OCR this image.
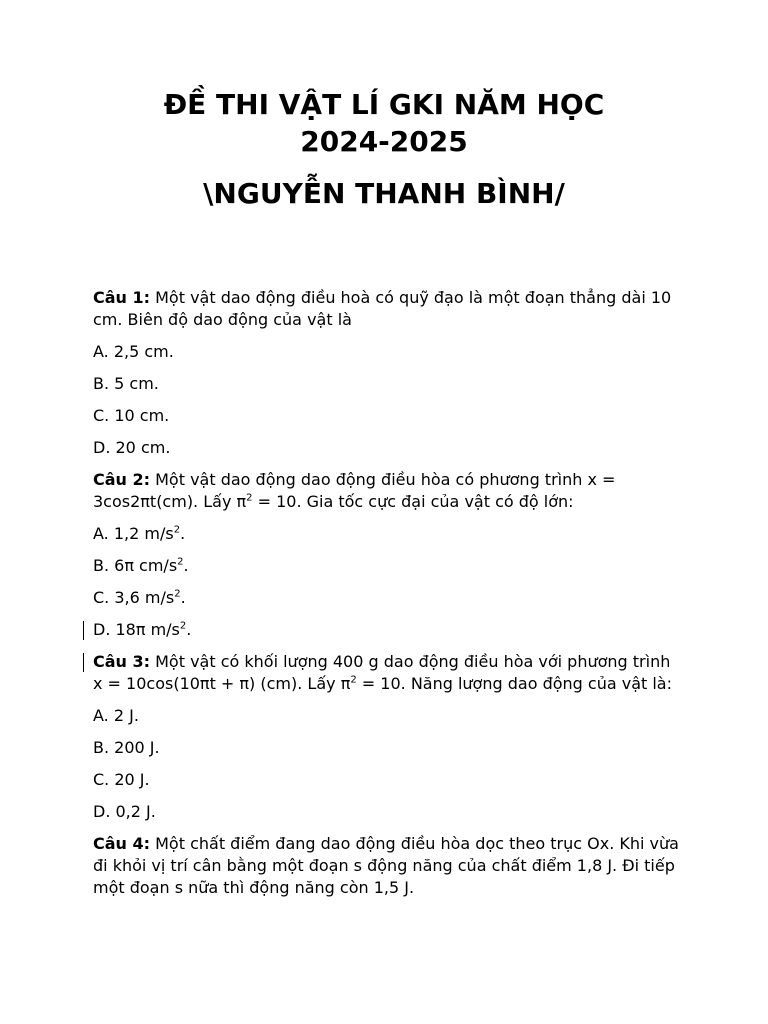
ĐỀ THI VẬT LÍ GKI NĂM HỌC
2024-2025
\NGUYỄN THANH BÌNH/
Câu 1: Một vật dao động điều hoà có quỹ đạo là một đoạn thẳng dài 10 cm. Biên độ dao động của vật là
A. 2,5 cm.
B. 5 cm.
C. 10 cm.
D. 20 cm.
Câu 2: Một vật dao động dao động điều hòa có phương trình x = 3cos2πt(cm). Lấy $\pi^2 = 10$. Gia tốc cực đại của vật có độ lớn:
A. 1,2 $m/s^2$.
B. 6π $cm/s^2$.
C. 3,6 $m/s^2$.
D. 18π $m/s^2$.
Câu 3: Một vật có khối lượng 400 g dao động điều hòa với phương trình x = 10cos(10πt + π) (cm). Lấy $\pi^2 = 10$. Năng lượng dao động của vật là:
A. 2 J.
B. 200 J.
C. 20 J.
D. 0,2 J.
Câu 4: Một chất điểm đang dao động điều hòa dọc theo trục Ox. Khi vừa đi khỏi vị trí cân bằng một đoạn s động năng của chất điểm 1,8 J. Đi tiếp một đoạn s nữa thì động năng còn 1,5 J.
